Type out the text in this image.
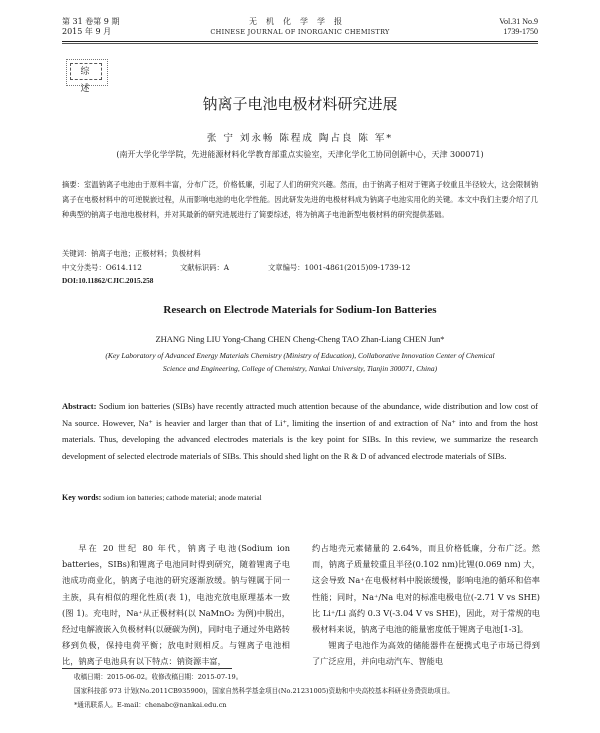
第 31 卷第 9 期
2015 年 9 月
无机化学学报
CHINESE JOURNAL OF INORGANIC CHEMISTRY
Vol.31 No.9
1739-1750
综述
钠离子电池电极材料研究进展
张 宁 刘永畅 陈程成 陶占良 陈 军*
(南开大学化学学院，先进能源材料化学教育部重点实验室，天津化学化工协同创新中心，天津 300071)
摘要：室温钠离子电池由于原料丰富，分布广泛，价格低廉，引起了人们的研究兴趣。然而，由于钠离子相对于锂离子较重且半径较大，这会限制钠离子在电极材料中的可逆脱嵌过程，从而影响电池的电化学性能。因此研发先进的电极材料成为钠离子电池实用化的关键。本文中我们主要介绍了几种典型的钠离子电池电极材料，并对其最新的研究进展进行了简要综述，将为钠离子电池新型电极材料的研究提供基础。
关键词：钠离子电池；正极材料；负极材料
中文分类号：O614.112	文献标识码：A	文章编号：1001-4861(2015)09-1739-12
DOI:10.11862/CJIC.2015.258
Research on Electrode Materials for Sodium-Ion Batteries
ZHANG Ning LIU Yong-Chang CHEN Cheng-Cheng TAO Zhan-Liang CHEN Jun*
(Key Laboratory of Advanced Energy Materials Chemistry (Ministry of Education), Collaborative Innovation Center of Chemical Science and Engineering, College of Chemistry, Nankai University, Tianjin 300071, China)
Abstract: Sodium ion batteries (SIBs) have recently attracted much attention because of the abundance, wide distribution and low cost of Na source. However, Na⁺ is heavier and larger than that of Li⁺, limiting the insertion of and extraction of Na⁺ into and from the host materials. Thus, developing the advanced electrodes materials is the key point for SIBs. In this review, we summarize the research development of selected electrode materials of SIBs. This should shed light on the R & D of advanced electrode materials of SIBs.
Key words: sodium ion batteries; cathode material; anode material

早在 20 世纪 80 年代，钠离子电池(Sodium ion batteries，SIBs)和锂离子电池同时得到研究，随着锂离子电池成功商业化，钠离子电池的研究逐渐放缓。钠与锂属于同一主族，具有相似的理化性质(表 1)，电池充放电原理基本一致(图 1)。充电时，Na⁺从正极材料(以 NaMnO₂ 为例)中脱出，经过电解液嵌入负极材料(以硬碳为例)，同时电子通过外电路转移到负极，保持电荷平衡；放电时则相反。与锂离子电池相比，钠离子电池具有以下特点：钠资源丰富，

约占地壳元素储量的 2.64%，而且价格低廉，分布广泛。然而，钠离子质量较重且半径(0.102 nm)比锂(0.069 nm) 大，这会导致 Na⁺在电极材料中脱嵌缓慢，影响电池的循环和倍率性能；同时，Na⁺/Na 电对的标准电极电位(-2.71 V vs SHE)比 Li⁺/Li 高约 0.3 V(-3.04 V vs SHE)，因此，对于常规的电极材料来说，钠离子电池的能量密度低于锂离子电池[1-3]。

锂离子电池作为高效的储能器件在便携式电子市场已得到了广泛应用，并向电动汽车、智能电

收稿日期：2015-06-02。收修改稿日期：2015-07-19。
国家科技部 973 计划(No.2011CB935900)，国家自然科学基金项目(No.21231005)资助和中央高校基本科研业务费资助项目。
*通讯联系人。E-mail：chenabc@nankai.edu.cn
